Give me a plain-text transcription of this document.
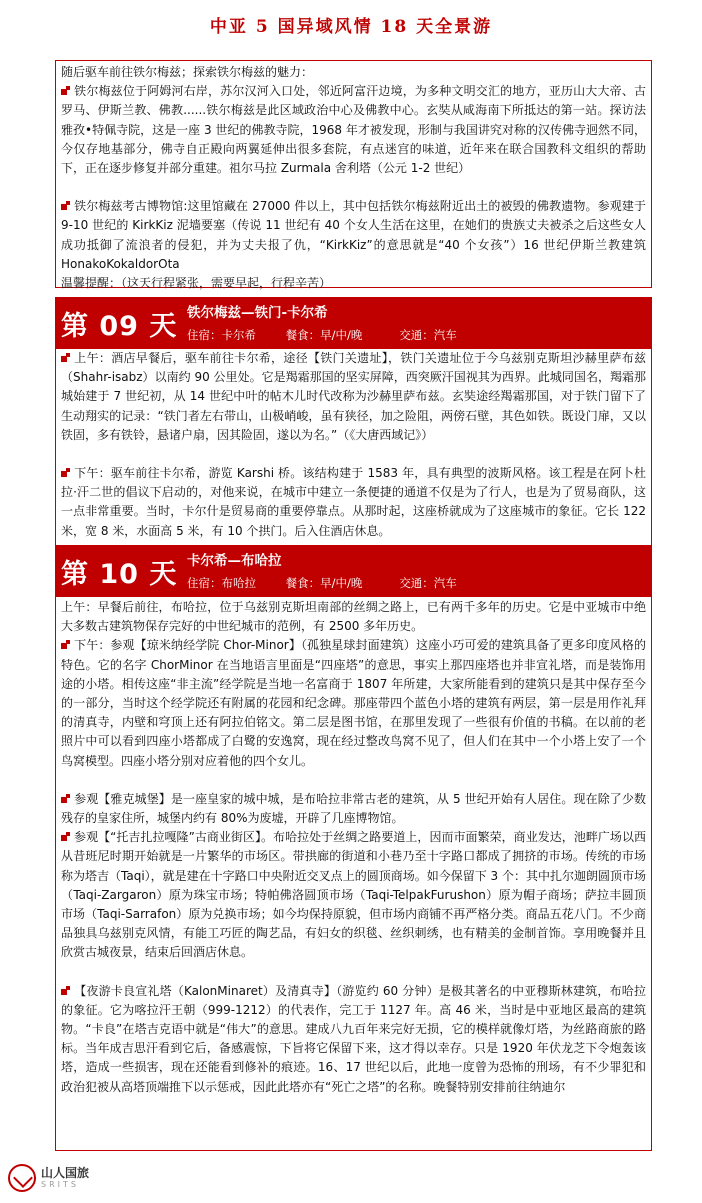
中亚 5 国异域风情 18 天全景游

随后驱车前往铁尔梅兹；探索铁尔梅兹的魅力：

铁尔梅兹位于阿姆河右岸，苏尔汉河入口处，邻近阿富汗边境，为多种文明交汇的地方，亚历山大大帝、古罗马、伊斯兰教、佛教......铁尔梅兹是此区域政治中心及佛教中心。玄奘从咸海南下所抵达的第一站。探访法雅孜•特佩寺院，这是一座 3 世纪的佛教寺院，1968 年才被发现，形制与我国讲究对称的汉传佛寺迥然不同，今仅存地基部分，佛寺自正殿向两翼延伸出很多套院，有点迷宫的味道，近年来在联合国教科文组织的帮助下，正在逐步修复并部分重建。祖尔马拉 Zurmala 舍利塔（公元 1-2 世纪）

铁尔梅兹考古博物馆:这里馆藏在 27000 件以上，其中包括铁尔梅兹附近出土的被毁的佛教遗物。参观建于 9-10 世纪的 KirkKiz 泥墙要塞（传说 11 世纪有 40 个女人生活在这里，在她们的贵族丈夫被杀之后这些女人成功抵御了流浪者的侵犯，并为丈夫报了仇，“KirkKiz”的意思就是“40 个女孩”）16 世纪伊斯兰教建筑 HonakoKokaldorOta

温馨提醒：（这天行程紧张，需要早起，行程辛苦）

第 09 天 铁尔梅兹—铁门-卡尔希
住宿：卡尔希	餐食：早/中/晚	交通：汽车

上午：酒店早餐后，驱车前往卡尔希，途径【铁门关遗址】，铁门关遗址位于今乌兹别克斯坦沙赫里萨布兹（Shahr-isabz）以南约 90 公里处。它是羯霜那国的坚实屏障，西突厥汗国视其为西界。此城同国名，羯霜那城始建于 7 世纪初，从 14 世纪中叶的帖木儿时代改称为沙赫里萨布兹。玄奘途经羯霜那国，对于铁门留下了生动翔实的记录：“铁门者左右带山，山极峭峻，虽有狭径，加之险阻，两傍石壁，其色如铁。既设门扉，又以铁固，多有铁铃，悬诸户扇，因其险固，遂以为名。”（《大唐西域记》）

下午：驱车前往卡尔希，游览 Karshi 桥。该结构建于 1583 年，具有典型的波斯风格。该工程是在阿卜杜拉·汗二世的倡议下启动的，对他来说，在城市中建立一条便捷的通道不仅是为了行人，也是为了贸易商队，这一点非常重要。当时，卡尔什是贸易商的重要停靠点。从那时起，这座桥就成为了这座城市的象征。它长 122 米，宽 8 米，水面高 5 米，有 10 个拱门。后入住酒店休息。

第 10 天 卡尔希—布哈拉
住宿：布哈拉	餐食：早/中/晚	交通：汽车

上午：早餐后前往，布哈拉，位于乌兹别克斯坦南部的丝绸之路上，已有两千多年的历史。它是中亚城市中绝大多数古建筑物保存完好的中世纪城市的范例，有 2500 多年历史。

下午：参观【琼米纳经学院 Chor-Minor】（孤独星球封面建筑）这座小巧可爱的建筑具备了更多印度风格的特色。它的名字 ChorMinor 在当地语言里面是“四座塔”的意思，事实上那四座塔也并非宣礼塔，而是装饰用途的小塔。相传这座“非主流”经学院是当地一名富商于 1807 年所建，大家所能看到的建筑只是其中保存至今的一部分，当时这个经学院还有附属的花园和纪念碑。那座带四个蓝色小塔的建筑有两层，第一层是用作礼拜的清真寺，内壁和穹顶上还有阿拉伯铭文。第二层是图书馆，在那里发现了一些很有价值的书稿。在以前的老照片中可以看到四座小塔都成了白鹭的安逸窝，现在经过整改鸟窝不见了，但人们在其中一个小塔上安了一个鸟窝模型。四座小塔分别对应着他的四个女儿。

参观【雅克城堡】是一座皇家的城中城，是布哈拉非常古老的建筑，从 5 世纪开始有人居住。现在除了少数残存的皇家住所，城堡内约有 80%为废墟，开辟了几座博物馆。

参观【“托吉扎拉嘎隆”古商业街区】。布哈拉处于丝绸之路要道上，因而市面繁荣，商业发达，池畔广场以西从昔班尼时期开始就是一片繁华的市场区。带拱廊的街道和小巷乃至十字路口都成了拥挤的市场。传统的市场称为塔吉（Taqi），就是建在十字路口中央附近交叉点上的圆顶商场。如今保留下 3 个：其中扎尔迦朗圆顶市场（Taqi-Zargaron）原为珠宝市场；特帕佛洛圆顶市场（Taqi-TelpakFurushon）原为帽子商场；萨拉丰圆顶市场（Taqi-Sarrafon）原为兑换市场；如今均保持原貌，但市场内商铺不再严格分类。商品五花八门。不少商品独具乌兹别克风情，有能工巧匠的陶艺品，有妇女的织毯、丝织刺绣，也有精美的金制首饰。享用晚餐并且欣赏古城夜景，结束后回酒店休息。

【夜游卡良宣礼塔（KalonMinaret）及清真寺】（游览约 60 分钟）是极其著名的中亚穆斯林建筑，布哈拉的象征。它为喀拉汗王朝（999-1212）的代表作，完工于 1127 年。高 46 米，当时是中亚地区最高的建筑物。“卡良”在塔吉克语中就是“伟大”的意思。建成八九百年来完好无损，它的模样就像灯塔，为丝路商旅的路标。当年成吉思汗看到它后，备感震惊，下旨将它保留下来，这才得以幸存。只是 1920 年伏龙芝下令炮轰该塔，造成一些损害，现在还能看到修补的痕迹。16、17 世纪以后，此地一度曾为恐怖的刑场，有不少罪犯和政治犯被从高塔顶端推下以示惩戒，因此此塔亦有“死亡之塔”的名称。晚餐特别安排前往纳迪尔

山人国旅
SRITS
